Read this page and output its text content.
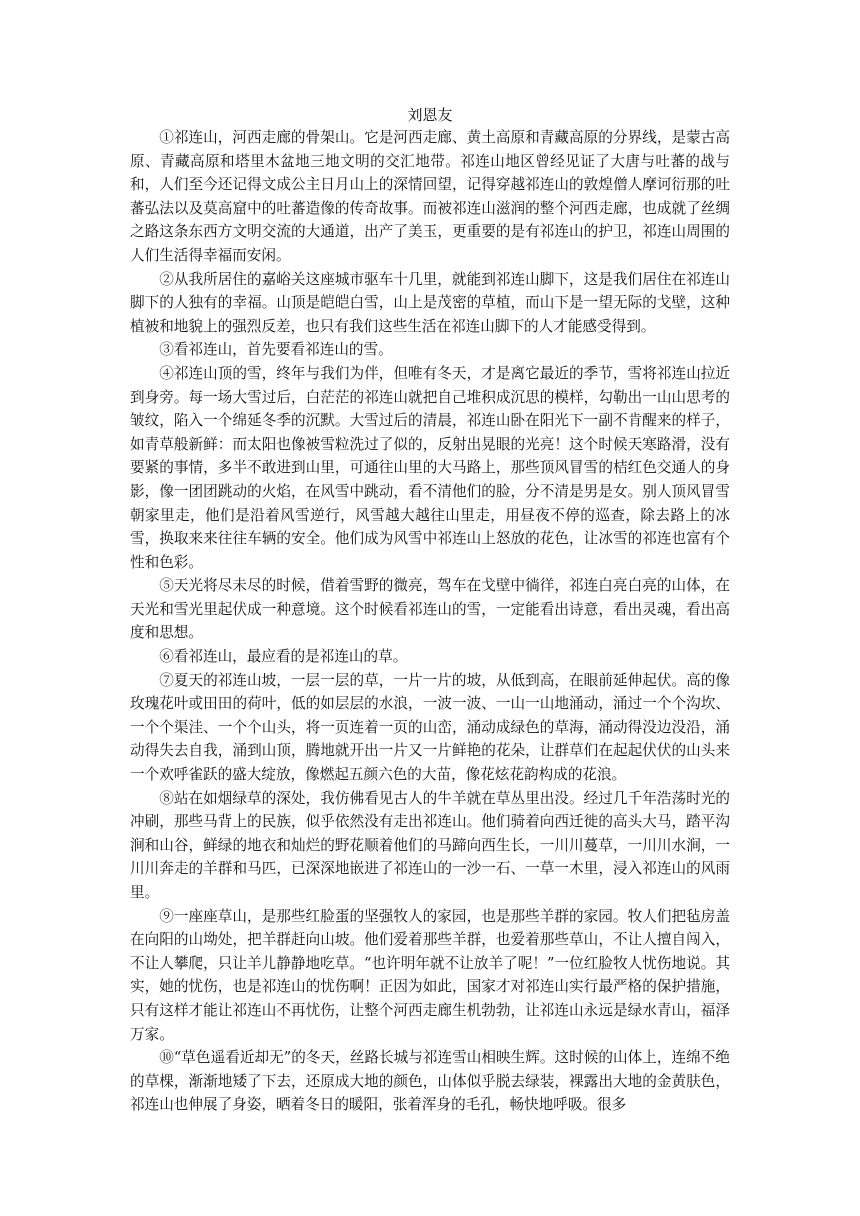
刘恩友

①祁连山，河西走廊的骨架山。它是河西走廊、黄土高原和青藏高原的分界线，是蒙古高原、青藏高原和塔里木盆地三地文明的交汇地带。祁连山地区曾经见证了大唐与吐蕃的战与和，人们至今还记得文成公主日月山上的深情回望，记得穿越祁连山的敦煌僧人摩诃衍那的吐蕃弘法以及莫高窟中的吐蕃造像的传奇故事。而被祁连山滋润的整个河西走廊，也成就了丝绸之路这条东西方文明交流的大通道，出产了美玉，更重要的是有祁连山的护卫，祁连山周围的人们生活得幸福而安闲。

②从我所居住的嘉峪关这座城市驱车十几里，就能到祁连山脚下，这是我们居住在祁连山脚下的人独有的幸福。山顶是皑皑白雪，山上是茂密的草植，而山下是一望无际的戈壁，这种植被和地貌上的强烈反差，也只有我们这些生活在祁连山脚下的人才能感受得到。

③看祁连山，首先要看祁连山的雪。

④祁连山顶的雪，终年与我们为伴，但唯有冬天，才是离它最近的季节，雪将祁连山拉近到身旁。每一场大雪过后，白茫茫的祁连山就把自己堆积成沉思的模样，勾勒出一山山思考的皱纹，陷入一个绵延冬季的沉默。大雪过后的清晨，祁连山卧在阳光下一副不肯醒来的样子，如青草般新鲜：而太阳也像被雪粒洗过了似的，反射出晃眼的光亮！这个时候天寒路滑，没有要紧的事情，多半不敢进到山里，可通往山里的大马路上，那些顶风冒雪的桔红色交通人的身影，像一团团跳动的火焰，在风雪中跳动，看不清他们的脸，分不清是男是女。别人顶风冒雪朝家里走，他们是沿着风雪逆行，风雪越大越往山里走，用昼夜不停的巡查，除去路上的冰雪，换取来来往往车辆的安全。他们成为风雪中祁连山上怒放的花色，让冰雪的祁连也富有个性和色彩。

⑤天光将尽未尽的时候，借着雪野的微亮，驾车在戈壁中徜徉，祁连白亮白亮的山体，在天光和雪光里起伏成一种意境。这个时候看祁连山的雪，一定能看出诗意，看出灵魂，看出高度和思想。

⑥看祁连山，最应看的是祁连山的草。

⑦夏天的祁连山坡，一层一层的草，一片一片的坡，从低到高，在眼前延伸起伏。高的像玫瑰花叶或田田的荷叶，低的如层层的水浪，一波一波、一山一山地涌动，涌过一个个沟坎、一个个渠洼、一个个山头，将一页连着一页的山峦，涌动成绿色的草海，涌动得没边没沿，涌动得失去自我，涌到山顶，腾地就开出一片又一片鲜艳的花朵，让群草们在起起伏伏的山头来一个欢呼雀跃的盛大绽放，像燃起五颜六色的大苗，像花炫花韵构成的花浪。

⑧站在如烟绿草的深处，我仿佛看见古人的牛羊就在草丛里出没。经过几千年浩荡时光的冲刷，那些马背上的民族，似乎依然没有走出祁连山。他们骑着向西迁徙的高头大马，踏平沟涧和山谷，鲜绿的地衣和灿烂的野花顺着他们的马蹄向西生长，一川川蔓草，一川川水涧，一川川奔走的羊群和马匹，已深深地嵌进了祁连山的一沙一石、一草一木里，浸入祁连山的风雨里。

⑨一座座草山，是那些红脸蛋的坚强牧人的家园，也是那些羊群的家园。牧人们把毡房盖在向阳的山坳处，把羊群赶向山坡。他们爱着那些羊群，也爱着那些草山，不让人擅自闯入，不让人攀爬，只让羊儿静静地吃草。“也许明年就不让放羊了呢！”一位红脸牧人忧伤地说。其实，她的忧伤，也是祁连山的忧伤啊！正因为如此，国家才对祁连山实行最严格的保护措施，只有这样才能让祁连山不再忧伤，让整个河西走廊生机勃勃，让祁连山永远是绿水青山，福泽万家。

⑩“草色遥看近却无”的冬天，丝路长城与祁连雪山相映生辉。这时候的山体上，连绵不绝的草棵，渐渐地矮了下去，还原成大地的颜色，山体似乎脱去绿装，裸露出大地的金黄肤色，祁连山也伸展了身姿，晒着冬日的暖阳，张着浑身的毛孔，畅快地呼吸。很多
